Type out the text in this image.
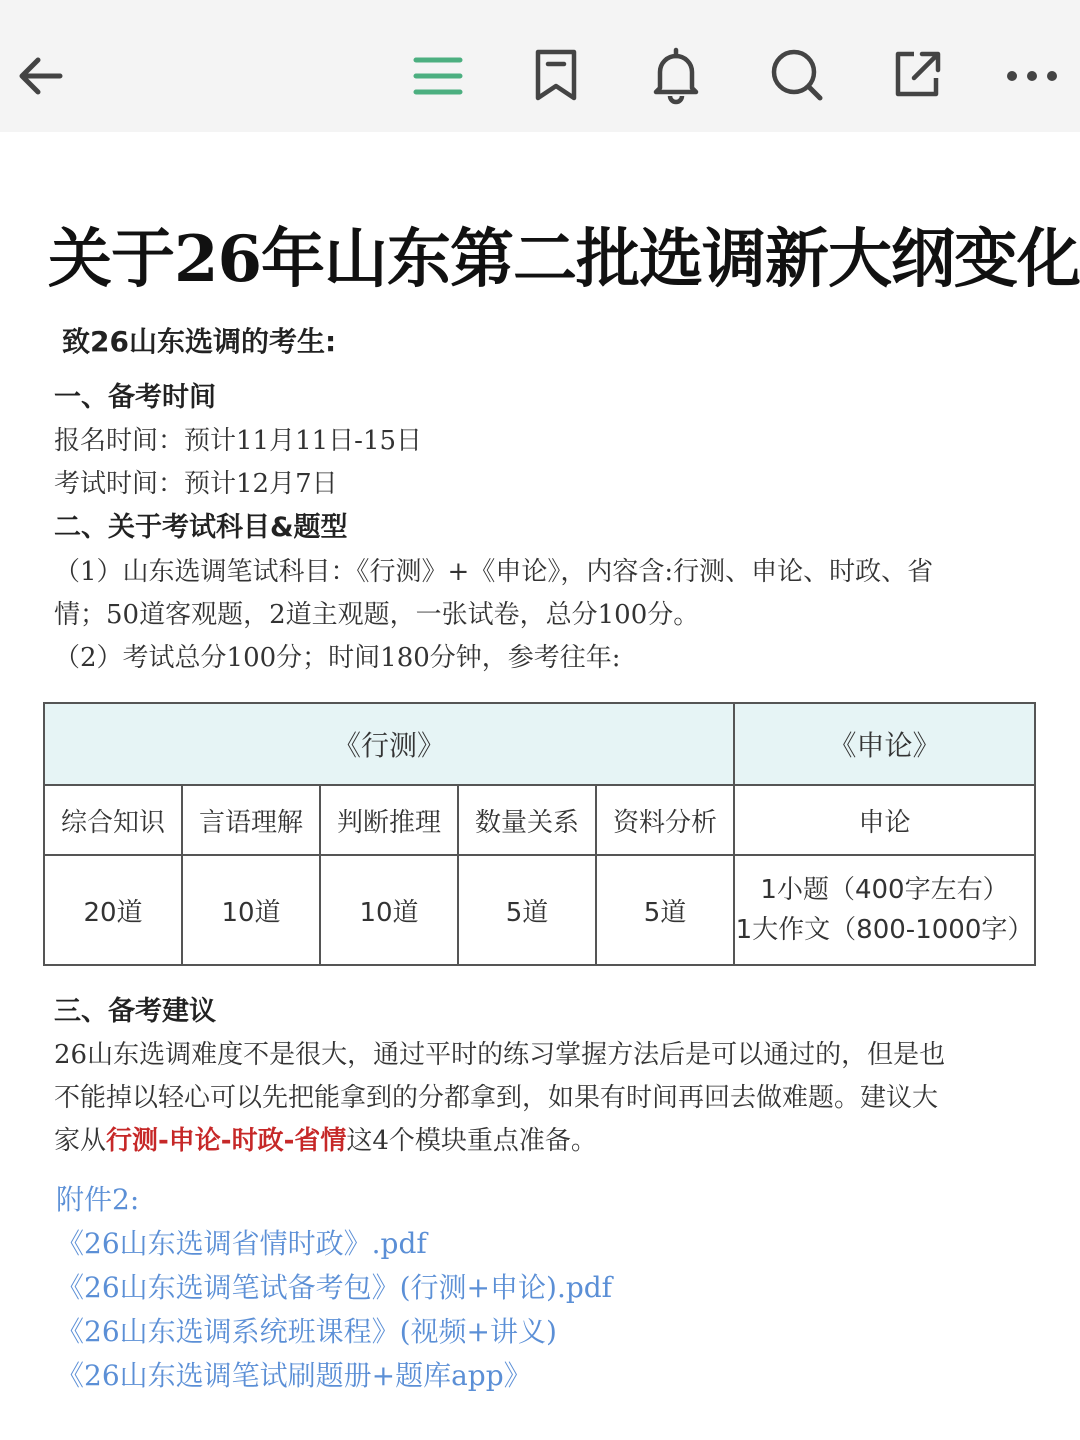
关于26年山东第二批选调新大纲变化
致26山东选调的考生:
一、备考时间
报名时间：预计11月11日-15日
考试时间：预计12月7日
二、关于考试科目&题型
（1）山东选调笔试科目：《行测》+《申论》，内容含:行测、申论、时政、省
情；50道客观题，2道主观题，一张试卷，总分100分。
（2）考试总分100分；时间180分钟，参考往年:
《行测》					《申论》
综合知识	言语理解	判断推理	数量关系	资料分析	申论
20道	10道	10道	5道	5道	1小题（400字左右）
1大作文（800-1000字）
三、备考建议
26山东选调难度不是很大，通过平时的练习掌握方法后是可以通过的，但是也
不能掉以轻心可以先把能拿到的分都拿到，如果有时间再回去做难题。建议大
家从行测-申论-时政-省情这4个模块重点准备。
附件2:
《26山东选调省情时政》.pdf
《26山东选调笔试备考包》(行测+申论).pdf
《26山东选调系统班课程》(视频+讲义)
《26山东选调笔试刷题册+题库app》
